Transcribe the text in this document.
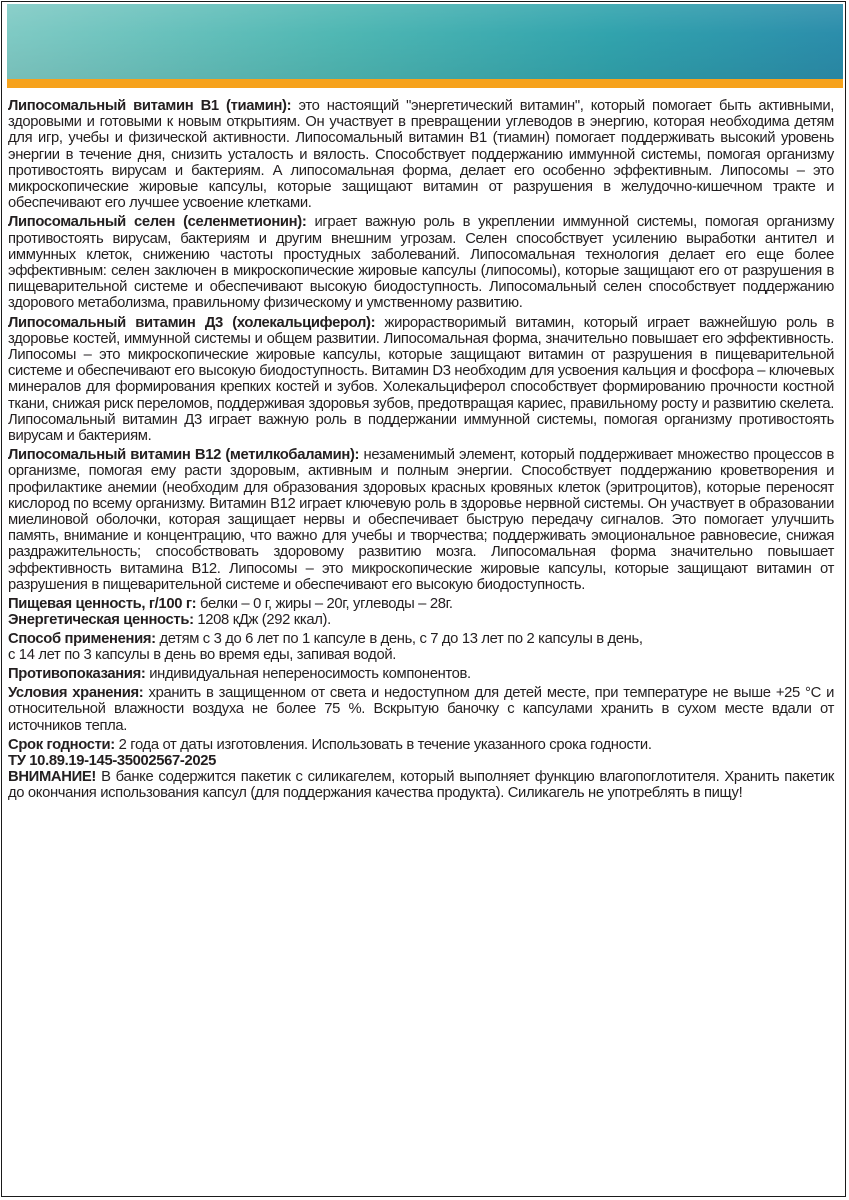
Липосомальный витамин В1 (тиамин): это настоящий "энергетический витамин", который помогает быть активными, здоровыми и готовыми к новым открытиям. Он участвует в превращении углеводов в энергию, которая необходима детям для игр, учебы и физической активности. Липосомальный витамин В1 (тиамин) помогает поддерживать высокий уровень энергии в течение дня, снизить усталость и вялость. Способствует поддержанию иммунной системы, помогая организму противостоять вирусам и бактериям. А липосомальная форма, делает его особенно эффективным. Липосомы – это микроскопические жировые капсулы, которые защищают витамин от разрушения в желудочно-кишечном тракте и обеспечивают его лучшее усвоение клетками.

Липосомальный селен (селенметионин): играет важную роль в укреплении иммунной системы, помогая организму противостоять вирусам, бактериям и другим внешним угрозам. Селен способствует усилению выработки антител и иммунных клеток, снижению частоты простудных заболеваний. Липосомальная технология делает его еще более эффективным: селен заключен в микроскопические жировые капсулы (липосомы), которые защищают его от разрушения в пищеварительной системе и обеспечивают высокую биодоступность. Липосомальный селен способствует поддержанию здорового метаболизма, правильному физическому и умственному развитию.

Липосомальный витамин Д3 (холекальциферол): жирорастворимый витамин, который играет важнейшую роль в здоровье костей, иммунной системы и общем развитии. Липосомальная форма, значительно повышает его эффективность. Липосомы – это микроскопические жировые капсулы, которые защищают витамин от разрушения в пищеварительной системе и обеспечивают его высокую биодоступность. Витамин D3 необходим для усвоения кальция и фосфора – ключевых минералов для формирования крепких костей и зубов. Холекальциферол способствует формированию прочности костной ткани, снижая риск переломов, поддерживая здоровья зубов, предотвращая кариес, правильному росту и развитию скелета. Липосомальный витамин Д3 играет важную роль в поддержании иммунной системы, помогая организму противостоять вирусам и бактериям.

Липосомальный витамин В12 (метилкобаламин): незаменимый элемент, который поддерживает множество процессов в организме, помогая ему расти здоровым, активным и полным энергии. Способствует поддержанию кроветворения и профилактике анемии (необходим для образования здоровых красных кровяных клеток (эритроцитов), которые переносят кислород по всему организму. Витамин В12 играет ключевую роль в здоровье нервной системы. Он участвует в образовании миелиновой оболочки, которая защищает нервы и обеспечивает быструю передачу сигналов. Это помогает улучшить память, внимание и концентрацию, что важно для учебы и творчества; поддерживать эмоциональное равновесие, снижая раздражительность; способствовать здоровому развитию мозга. Липосомальная форма значительно повышает эффективность витамина В12. Липосомы – это микроскопические жировые капсулы, которые защищают витамин от разрушения в пищеварительной системе и обеспечивают его высокую биодоступность.

Пищевая ценность, г/100 г: белки – 0 г, жиры – 20г, углеводы – 28г.
Энергетическая ценность: 1208 кДж (292 ккал).

Способ применения: детям с 3 до 6 лет по 1 капсуле в день, с 7 до 13 лет по 2 капсулы в день,
с 14 лет по 3 капсулы в день во время еды, запивая водой.

Противопоказания: индивидуальная непереносимость компонентов.

Условия хранения: хранить в защищенном от света и недоступном для детей месте, при температуре не выше +25 °С и относительной влажности воздуха не более 75 %. Вскрытую баночку с капсулами хранить в сухом месте вдали от источников тепла.

Срок годности: 2 года от даты изготовления. Использовать в течение указанного срока годности.
ТУ 10.89.19-145-35002567-2025
ВНИМАНИЕ! В банке содержится пакетик с силикагелем, который выполняет функцию влагопоглотителя. Хранить пакетик до окончания использования капсул (для поддержания качества продукта). Силикагель не употреблять в пищу!
